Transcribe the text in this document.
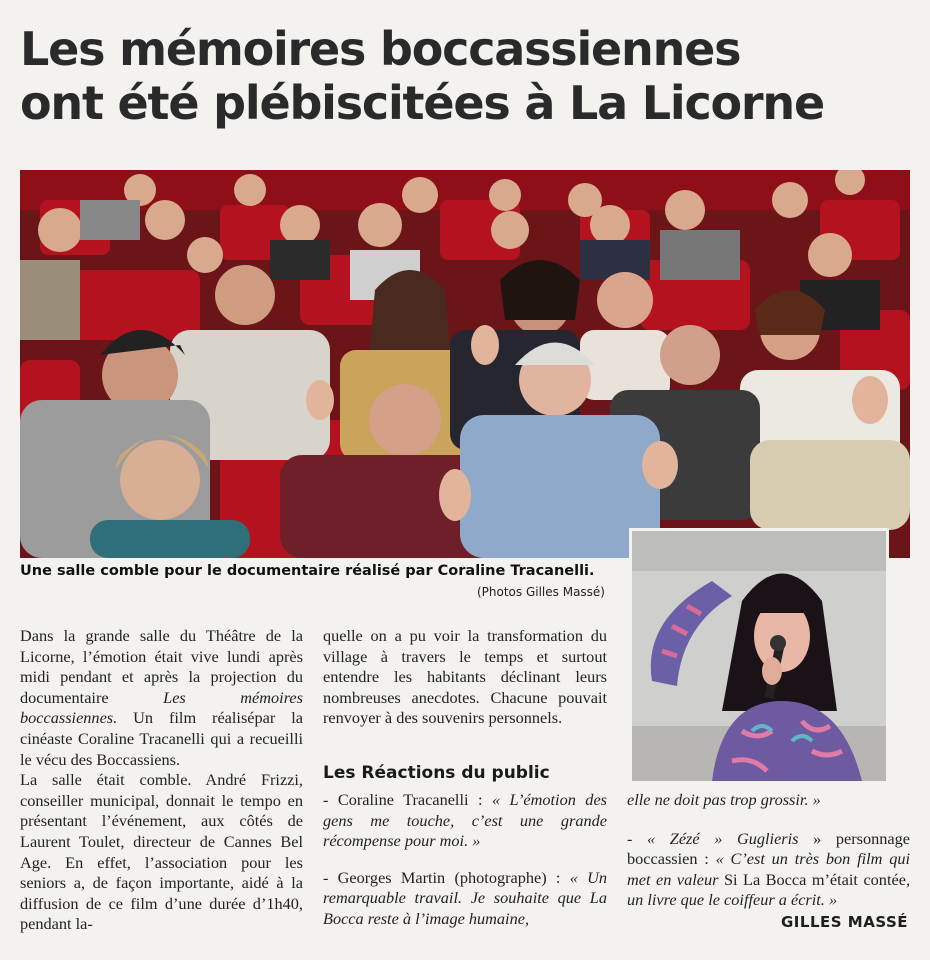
Les mémoires boccassiennes
ont été plébiscitées à La Licorne
Une salle comble pour le documentaire réalisé par Coraline Tracanelli.
(Photos Gilles Massé)

Dans la grande salle du Théâtre de la Licorne, l’émotion était vive lundi après midi pendant et après la projection du documentaire Les mémoires boccassiennes. Un film réalisépar la cinéaste Coraline Tracanelli qui a recueilli le vécu des Boccassiens.

La salle était comble. André Frizzi, conseiller municipal, donnait le tempo en présentant l’événement, aux côtés de Laurent Toulet, directeur de Cannes Bel Age. En effet, l’association pour les seniors a, de façon importante, aidé à la diffusion de ce film d’une durée d’1h40, pendant la-

quelle on a pu voir la transformation du village à travers le temps et surtout entendre les habitants déclinant leurs nombreuses anecdotes. Chacune pouvait renvoyer à des souvenirs personnels.

Les Réactions du public

- Coraline Tracanelli : « L’émotion des gens me touche, c’est une grande récompense pour moi. »

- Georges Martin (photographe) : « Un remarquable travail. Je souhaite que La Bocca reste à l’image humaine,

elle ne doit pas trop grossir. »

- « Zézé » Guglieris » personnage boccassien : « C’est un très bon film qui met en valeur Si La Bocca m’était contée, un livre que le coiffeur a écrit. »

GILLES MASSÉ
